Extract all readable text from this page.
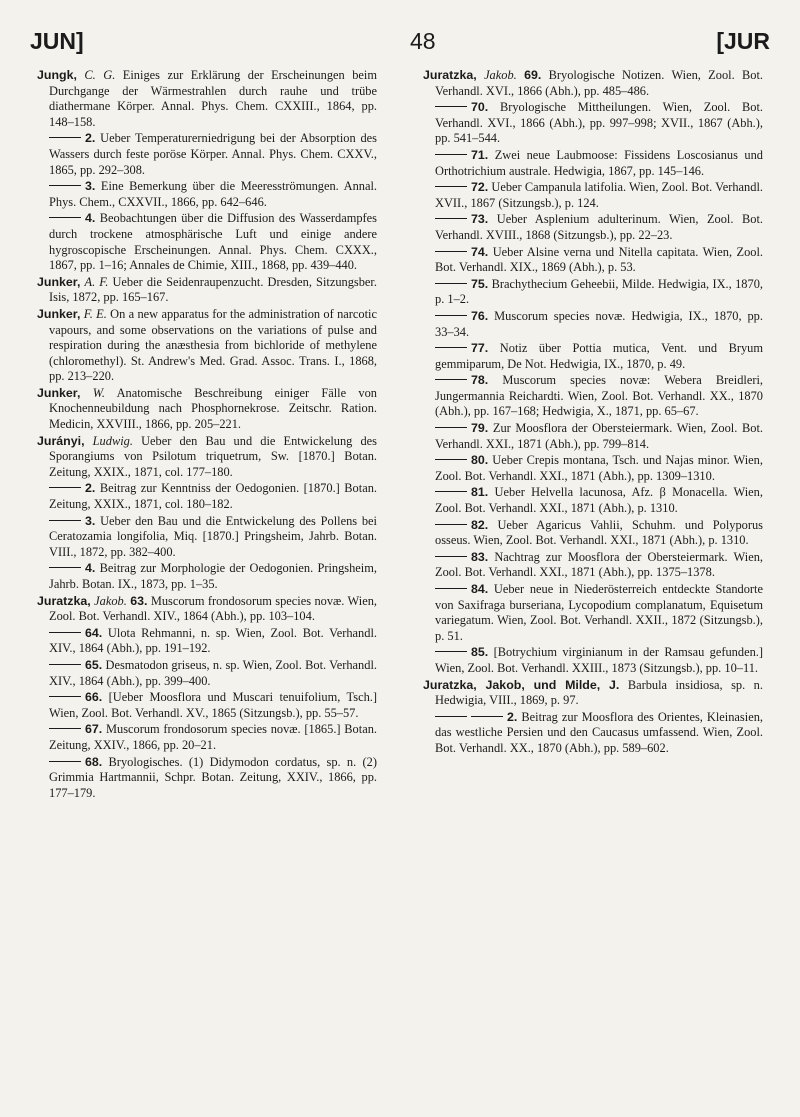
JUN]	48	[JUR
Jungk, C. G. Einiges zur Erklärung der Erscheinungen beim Durchgange der Wärmestrahlen durch rauhe und trübe diathermane Körper. Annal. Phys. Chem. CXXIII., 1864, pp. 148–158.
2. Ueber Temperaturerniedrigung bei der Absorption des Wassers durch feste poröse Körper. Annal. Phys. Chem. CXXV., 1865, pp. 292–308.
3. Eine Bemerkung über die Meeresströmungen. Annal. Phys. Chem., CXXVII., 1866, pp. 642–646.
4. Beobachtungen über die Diffusion des Wasserdampfes durch trockene atmosphärische Luft und einige andere hygroscopische Erscheinungen. Annal. Phys. Chem. CXXX., 1867, pp. 1–16; Annales de Chimie, XIII., 1868, pp. 439–440.
Junker, A. F. Ueber die Seidenraupenzucht. Dresden, Sitzungsber. Isis, 1872, pp. 165–167.
Junker, F. E. On a new apparatus for the administration of narcotic vapours, and some observations on the variations of pulse and respiration during the anæsthesia from bichloride of methylene (chloromethyl). St. Andrew's Med. Grad. Assoc. Trans. I., 1868, pp. 213–220.
Junker, W. Anatomische Beschreibung einiger Fälle von Knochenneubildung nach Phosphornekrose. Zeitschr. Ration. Medicin, XXVIII., 1866, pp. 205–221.
Jurányi, Ludwig. Ueber den Bau und die Entwickelung des Sporangiums von Psilotum triquetrum, Sw. [1870.] Botan. Zeitung, XXIX., 1871, col. 177–180.
2. Beitrag zur Kenntniss der Oedogonien. [1870.] Botan. Zeitung, XXIX., 1871, col. 180–182.
3. Ueber den Bau und die Entwickelung des Pollens bei Ceratozamia longifolia, Miq. [1870.] Pringsheim, Jahrb. Botan. VIII., 1872, pp. 382–400.
4. Beitrag zur Morphologie der Oedogonien. Pringsheim, Jahrb. Botan. IX., 1873, pp. 1–35.
Juratzka, Jakob. 63. Muscorum frondosorum species novæ. Wien, Zool. Bot. Verhandl. XIV., 1864 (Abh.), pp. 103–104.
64. Ulota Rehmanni, n. sp. Wien, Zool. Bot. Verhandl. XIV., 1864 (Abh.), pp. 191–192.
65. Desmatodon griseus, n. sp. Wien, Zool. Bot. Verhandl. XIV., 1864 (Abh.), pp. 399–400.
66. [Ueber Moosflora und Muscari tenuifolium, Tsch.] Wien, Zool. Bot. Verhandl. XV., 1865 (Sitzungsb.), pp. 55–57.
67. Muscorum frondosorum species novæ. [1865.] Botan. Zeitung, XXIV., 1866, pp. 20–21.
68. Bryologisches. (1) Didymodon cordatus, sp. n. (2) Grimmia Hartmannii, Schpr. Botan. Zeitung, XXIV., 1866, pp. 177–179.
Juratzka, Jakob. 69. Bryologische Notizen. Wien, Zool. Bot. Verhandl. XVI., 1866 (Abh.), pp. 485–486.
70. Bryologische Mittheilungen. Wien, Zool. Bot. Verhandl. XVI., 1866 (Abh.), pp. 997–998; XVII., 1867 (Abh.), pp. 541–544.
71. Zwei neue Laubmoose: Fissidens Loscosianus und Orthotrichium australe. Hedwigia, 1867, pp. 145–146.
72. Ueber Campanula latifolia. Wien, Zool. Bot. Verhandl. XVII., 1867 (Sitzungsb.), p. 124.
73. Ueber Asplenium adulterinum. Wien, Zool. Bot. Verhandl. XVIII., 1868 (Sitzungsb.), pp. 22–23.
74. Ueber Alsine verna und Nitella capitata. Wien, Zool. Bot. Verhandl. XIX., 1869 (Abh.), p. 53.
75. Brachythecium Geheebii, Milde. Hedwigia, IX., 1870, p. 1–2.
76. Muscorum species novæ. Hedwigia, IX., 1870, pp. 33–34.
77. Notiz über Pottia mutica, Vent. und Bryum gemmiparum, De Not. Hedwigia, IX., 1870, p. 49.
78. Muscorum species novæ: Webera Breidleri, Jungermannia Reichardti. Wien, Zool. Bot. Verhandl. XX., 1870 (Abh.), pp. 167–168; Hedwigia, X., 1871, pp. 65–67.
79. Zur Moosflora der Obersteiermark. Wien, Zool. Bot. Verhandl. XXI., 1871 (Abh.), pp. 799–814.
80. Ueber Crepis montana, Tsch. und Najas minor. Wien, Zool. Bot. Verhandl. XXI., 1871 (Abh.), pp. 1309–1310.
81. Ueber Helvella lacunosa, Afz. β Monacella. Wien, Zool. Bot. Verhandl. XXI., 1871 (Abh.), p. 1310.
82. Ueber Agaricus Vahlii, Schuhm. und Polyporus osseus. Wien, Zool. Bot. Verhandl. XXI., 1871 (Abh.), p. 1310.
83. Nachtrag zur Moosflora der Obersteiermark. Wien, Zool. Bot. Verhandl. XXI., 1871 (Abh.), pp. 1375–1378.
84. Ueber neue in Niederösterreich entdeckte Standorte von Saxifraga burseriana, Lycopodium complanatum, Equisetum variegatum. Wien, Zool. Bot. Verhandl. XXII., 1872 (Sitzungsb.), p. 51.
85. [Botrychium virginianum in der Ramsau gefunden.] Wien, Zool. Bot. Verhandl. XXIII., 1873 (Sitzungsb.), pp. 10–11.
Juratzka, Jakob, und Milde, J. Barbula insidiosa, sp. n. Hedwigia, VIII., 1869, p. 97.
2. Beitrag zur Moosflora des Orientes, Kleinasien, das westliche Persien und den Caucasus umfassend. Wien, Zool. Bot. Verhandl. XX., 1870 (Abh.), pp. 589–602.
